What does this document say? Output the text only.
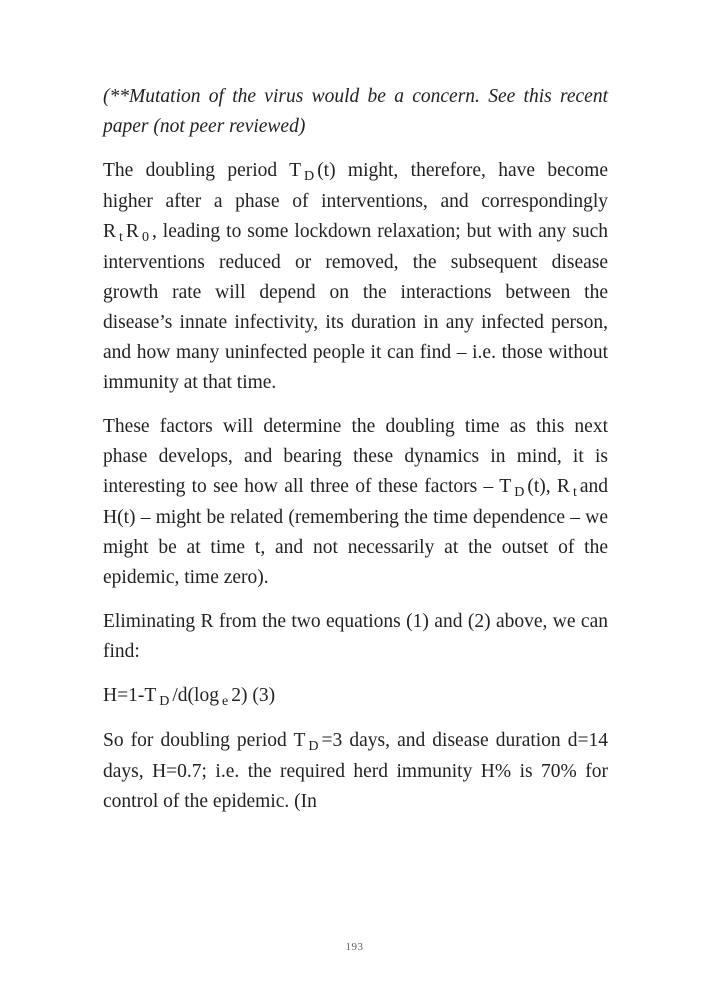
(**Mutation of the virus would be a concern. See this recent paper (not peer reviewed)

The doubling period T $_D$ (t) might, therefore, have become higher after a phase of interventions, and correspondingly R $_t$ R $_0$ , leading to some lockdown relaxation; but with any such interventions reduced or removed, the subsequent disease growth rate will depend on the interactions between the disease’s innate infectivity, its duration in any infected person, and how many uninfected people it can find – i.e. those without immunity at that time.

These factors will determine the doubling time as this next phase develops, and bearing these dynamics in mind, it is interesting to see how all three of these factors – T $_D$ (t), R $_t$ and H(t) – might be related (remembering the time dependence – we might be at time t, and not necessarily at the outset of the epidemic, time zero).

Eliminating R from the two equations (1) and (2) above, we can find:

H=1-T $_D$ /d(log $_e$ 2) (3)

So for doubling period T $_D$ =3 days, and disease duration d=14 days, H=0.7; i.e. the required herd immunity H% is 70% for control of the epidemic. (In

193
